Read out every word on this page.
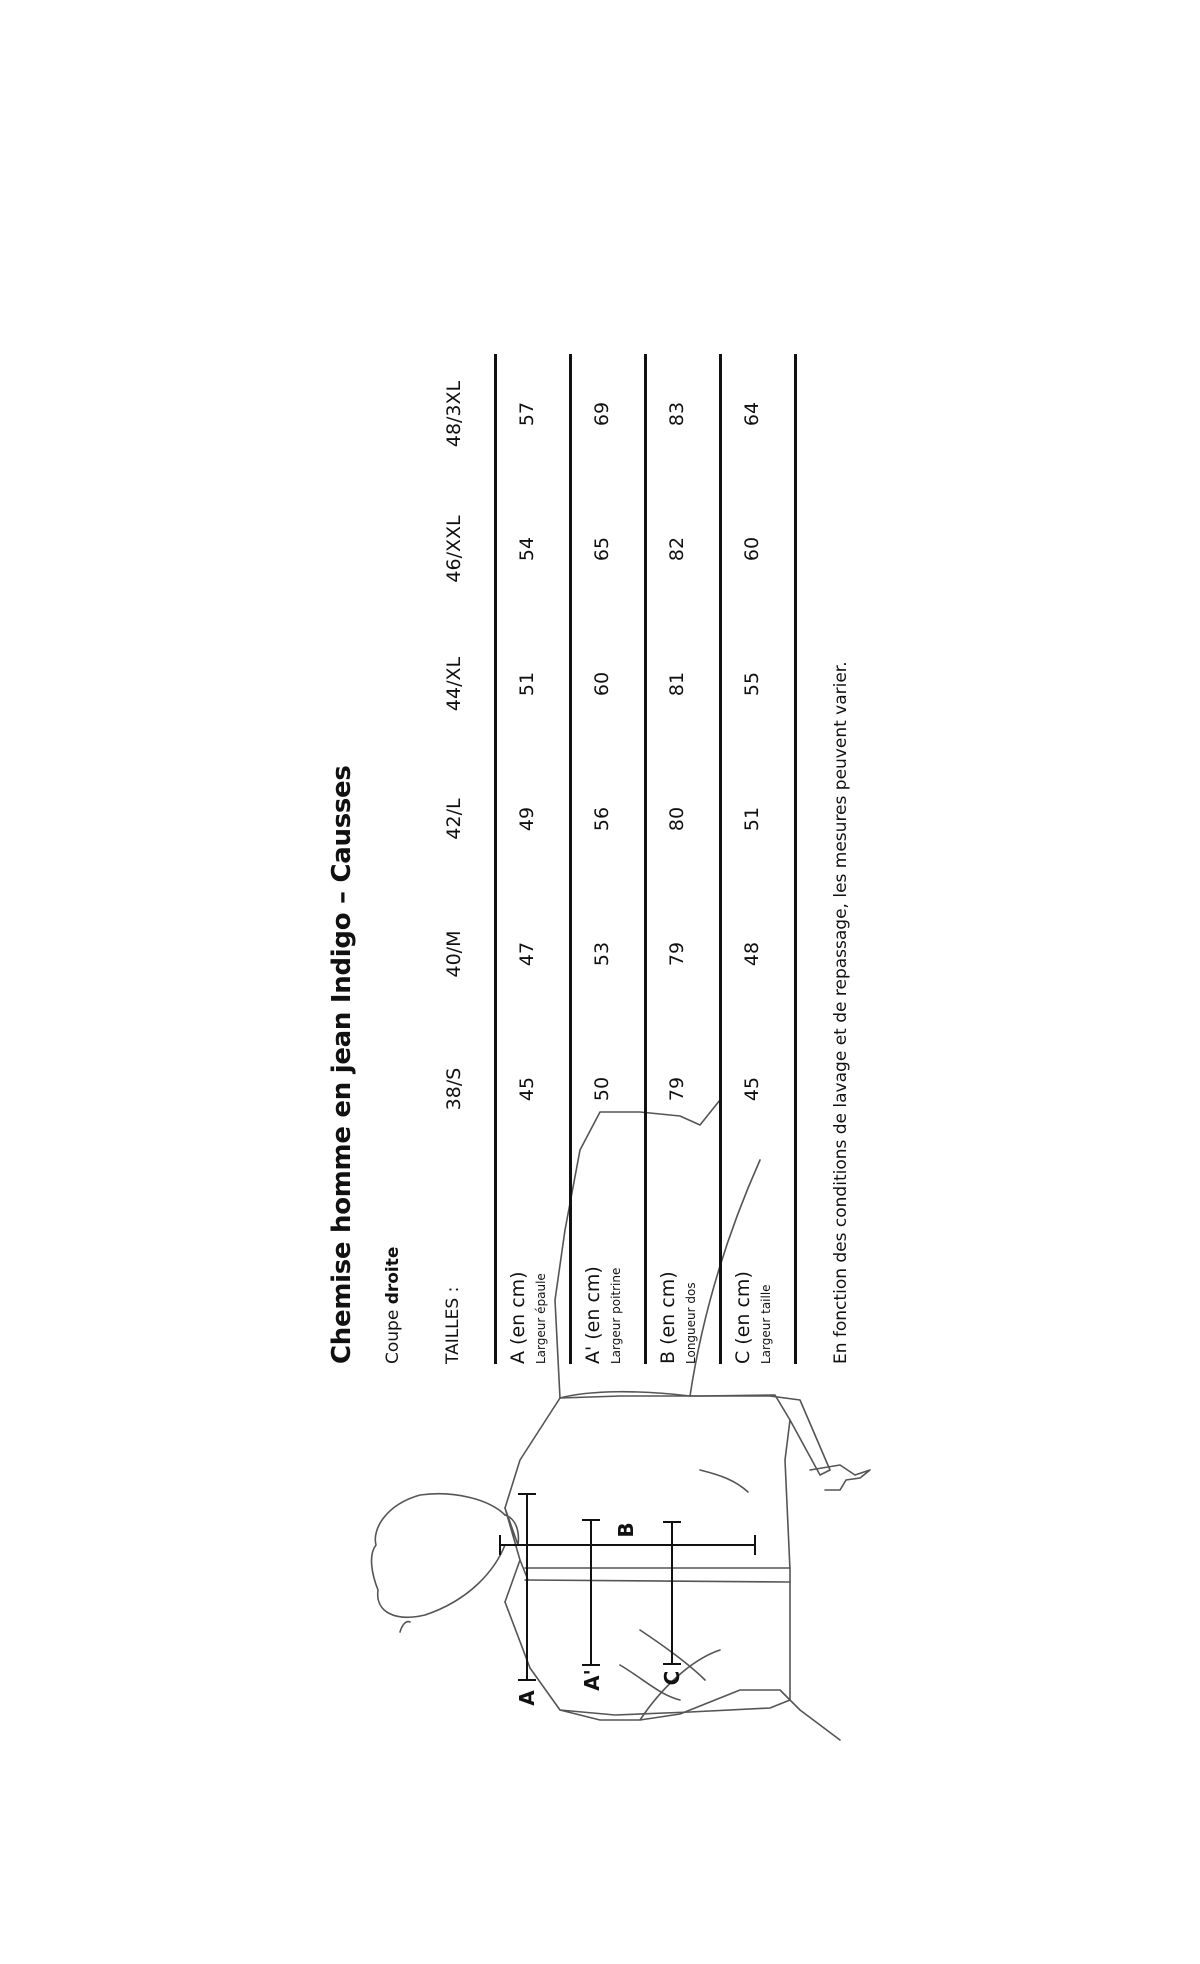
A
A'
B
C
Chemise homme en jean Indigo – Causses Coupe droite
TAILLES :
38/S
40/M
42/L
44/XL
46/XXL
48/3XL
A (en cm) Largeur épaule
45
47
49
51
54
57
A' (en cm) Largeur poitrine
50
53
56
60
65
69
B (en cm) Longueur dos
79
79
80
81
82
83
C (en cm) Largeur taille
45
48
51
55
60
64
En fonction des conditions de lavage et de repassage, les mesures peuvent varier.
